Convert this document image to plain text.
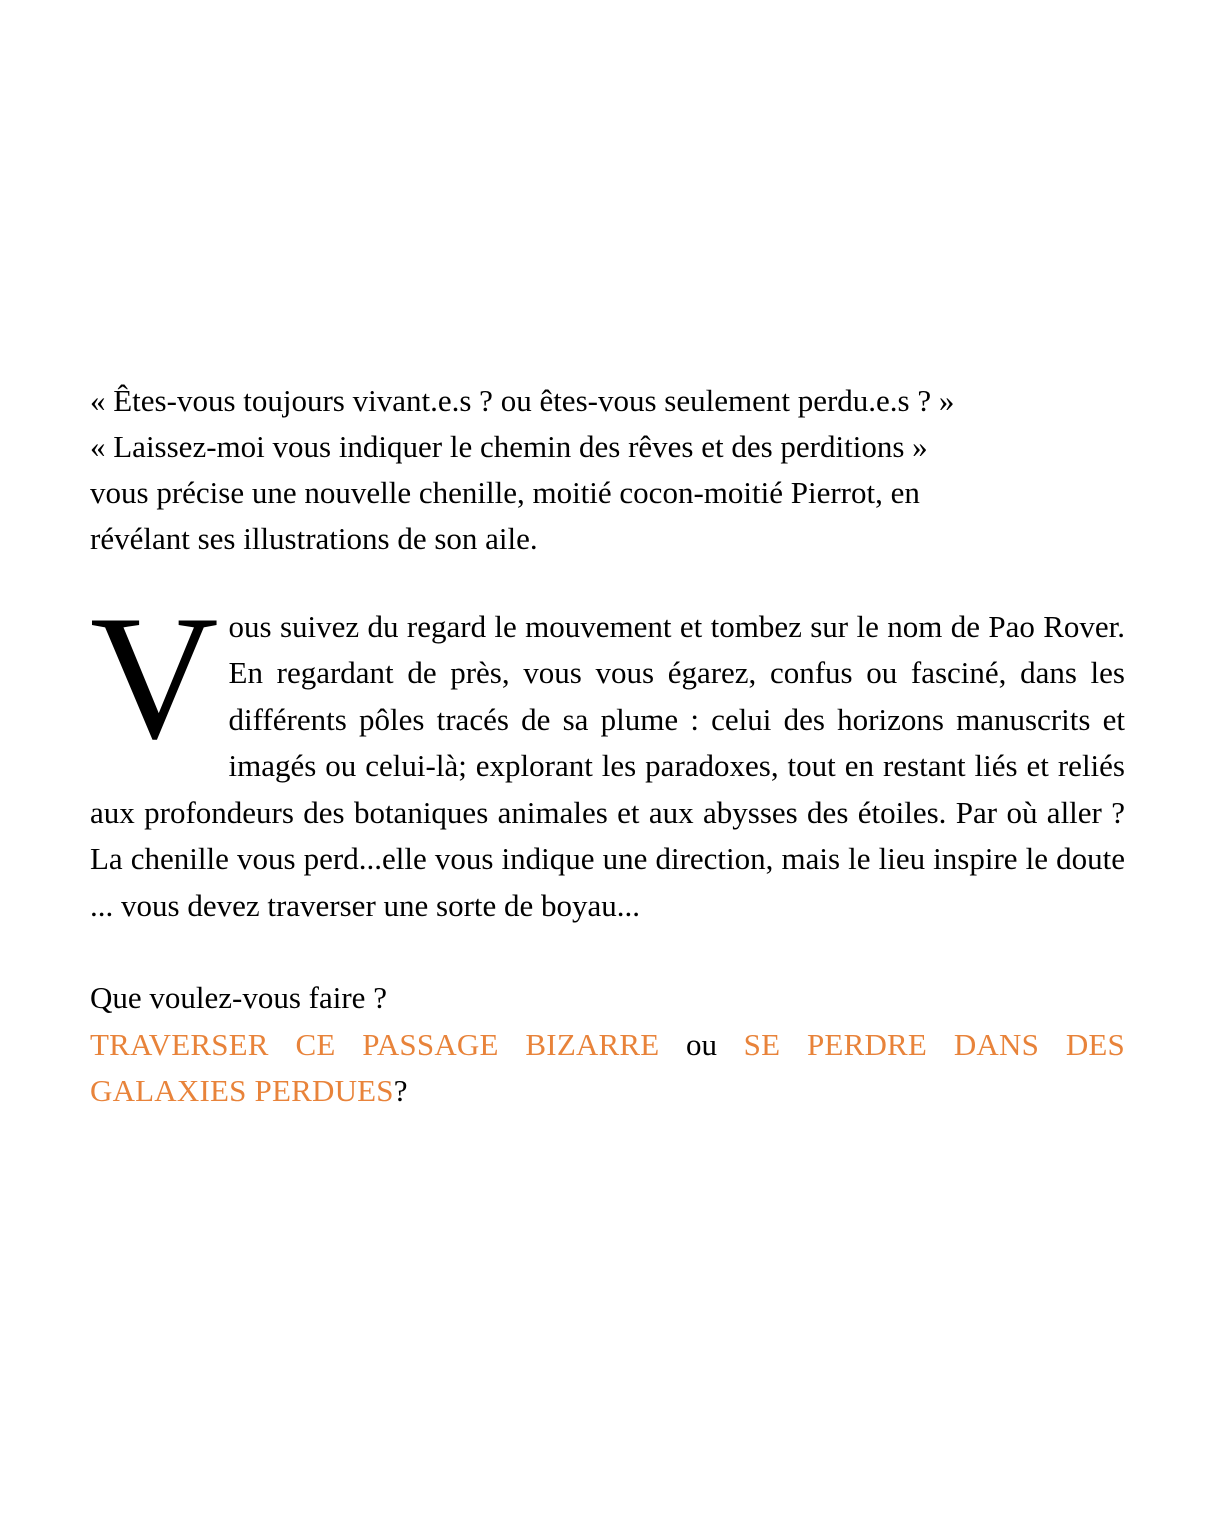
« Êtes-vous toujours vivant.e.s ? ou êtes-vous seulement perdu.e.s ? »
« Laissez-moi vous indiquer le chemin des rêves et des perditions »
vous précise une nouvelle chenille, moitié cocon-moitié Pierrot, en
révélant ses illustrations de son aile.
Vous suivez du regard le mouvement et tombez sur le nom de Pao Rover. En regardant de près, vous vous égarez, confus ou fasciné, dans les différents pôles tracés de sa plume : celui des horizons manuscrits et imagés ou celui-là; explorant les paradoxes, tout en restant liés et reliés aux profondeurs des botaniques animales et aux abysses des étoiles. Par où aller ? La chenille vous perd...elle vous indique une direction, mais le lieu inspire le doute ... vous devez traverser une sorte de boyau...
Que voulez-vous faire ?
TRAVERSER CE PASSAGE BIZARRE ou SE PERDRE DANS DES GALAXIES PERDUES?
